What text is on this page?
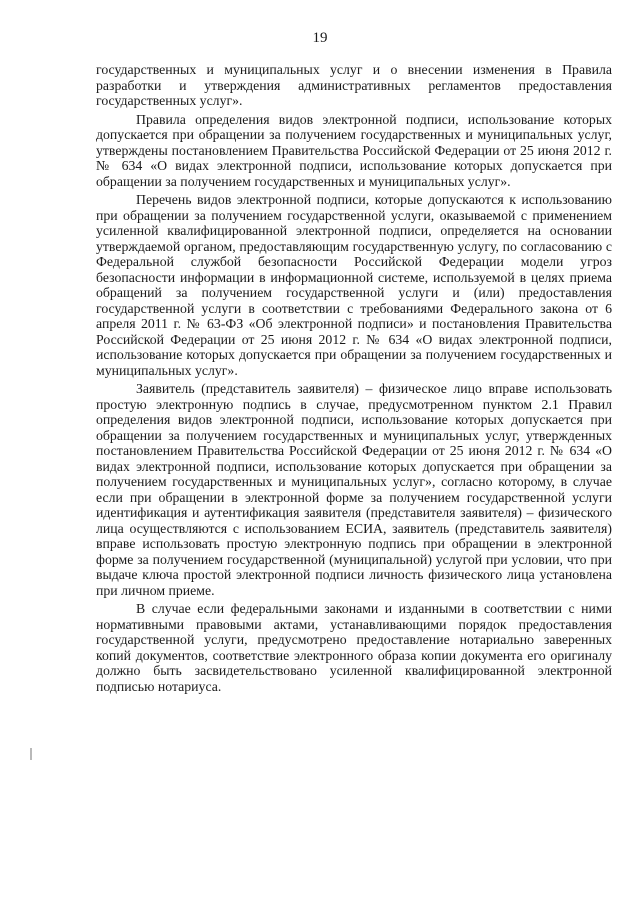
19

государственных и муниципальных услуг и о внесении изменения в Правила разработки и утверждения административных регламентов предоставления государственных услуг».

Правила определения видов электронной подписи, использование которых допускается при обращении за получением государственных и муниципальных услуг, утверждены постановлением Правительства Российской Федерации от 25 июня 2012 г. № 634 «О видах электронной подписи, использование которых допускается при обращении за получением государственных и муниципальных услуг».

Перечень видов электронной подписи, которые допускаются к использованию при обращении за получением государственной услуги, оказываемой с применением усиленной квалифицированной электронной подписи, определяется на основании утверждаемой органом, предоставляющим государственную услугу, по согласованию с Федеральной службой безопасности Российской Федерации модели угроз безопасности информации в информационной системе, используемой в целях приема обращений за получением государственной услуги и (или) предоставления государственной услуги в соответствии с требованиями Федерального закона от 6 апреля 2011 г. № 63-ФЗ «Об электронной подписи» и постановления Правительства Российской Федерации от 25 июня 2012 г. № 634 «О видах электронной подписи, использование которых допускается при обращении за получением государственных и муниципальных услуг».

Заявитель (представитель заявителя) – физическое лицо вправе использовать простую электронную подпись в случае, предусмотренном пунктом 2.1 Правил определения видов электронной подписи, использование которых допускается при обращении за получением государственных и муниципальных услуг, утвержденных постановлением Правительства Российской Федерации от 25 июня 2012 г. № 634 «О видах электронной подписи, использование которых допускается при обращении за получением государственных и муниципальных услуг», согласно которому, в случае если при обращении в электронной форме за получением государственной услуги идентификация и аутентификация заявителя (представителя заявителя) – физического лица осуществляются с использованием ЕСИА, заявитель (представитель заявителя) вправе использовать простую электронную подпись при обращении в электронной форме за получением государственной (муниципальной) услугой при условии, что при выдаче ключа простой электронной подписи личность физического лица установлена при личном приеме.

В случае если федеральными законами и изданными в соответствии с ними нормативными правовыми актами, устанавливающими порядок предоставления государственной услуги, предусмотрено предоставление нотариально заверенных копий документов, соответствие электронного образа копии документа его оригиналу должно быть засвидетельствовано усиленной квалифицированной электронной подписью нотариуса.
